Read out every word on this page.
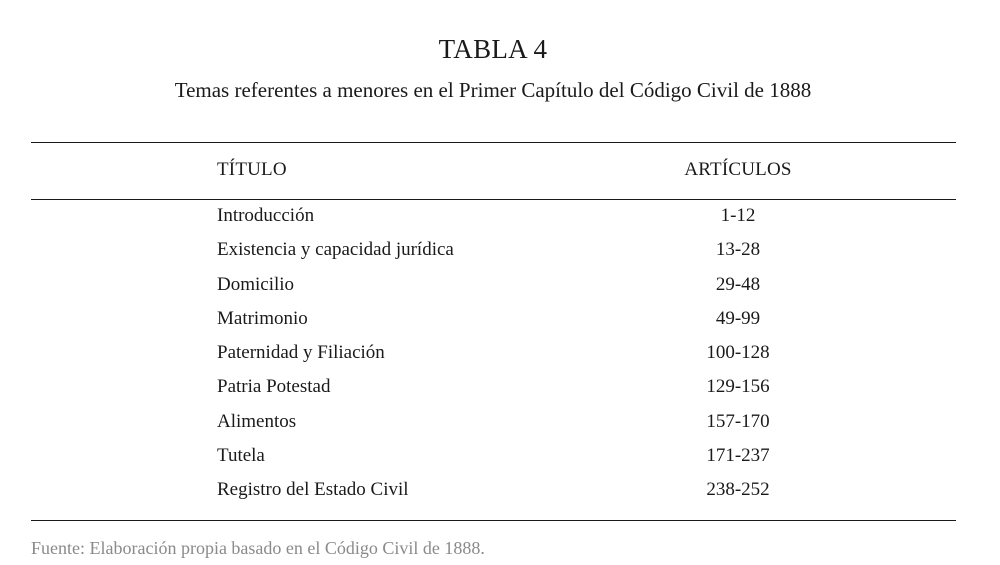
TABLA 4
Temas referentes a menores en el Primer Capítulo del Código Civil de 1888
TÍTULO	ARTÍCULOS
Introducción	1-12
Existencia y capacidad jurídica	13-28
Domicilio	29-48
Matrimonio	49-99
Paternidad y Filiación	100-128
Patria Potestad	129-156
Alimentos	157-170
Tutela	171-237
Registro del Estado Civil	238-252
Fuente: Elaboración propia basado en el Código Civil de 1888.
